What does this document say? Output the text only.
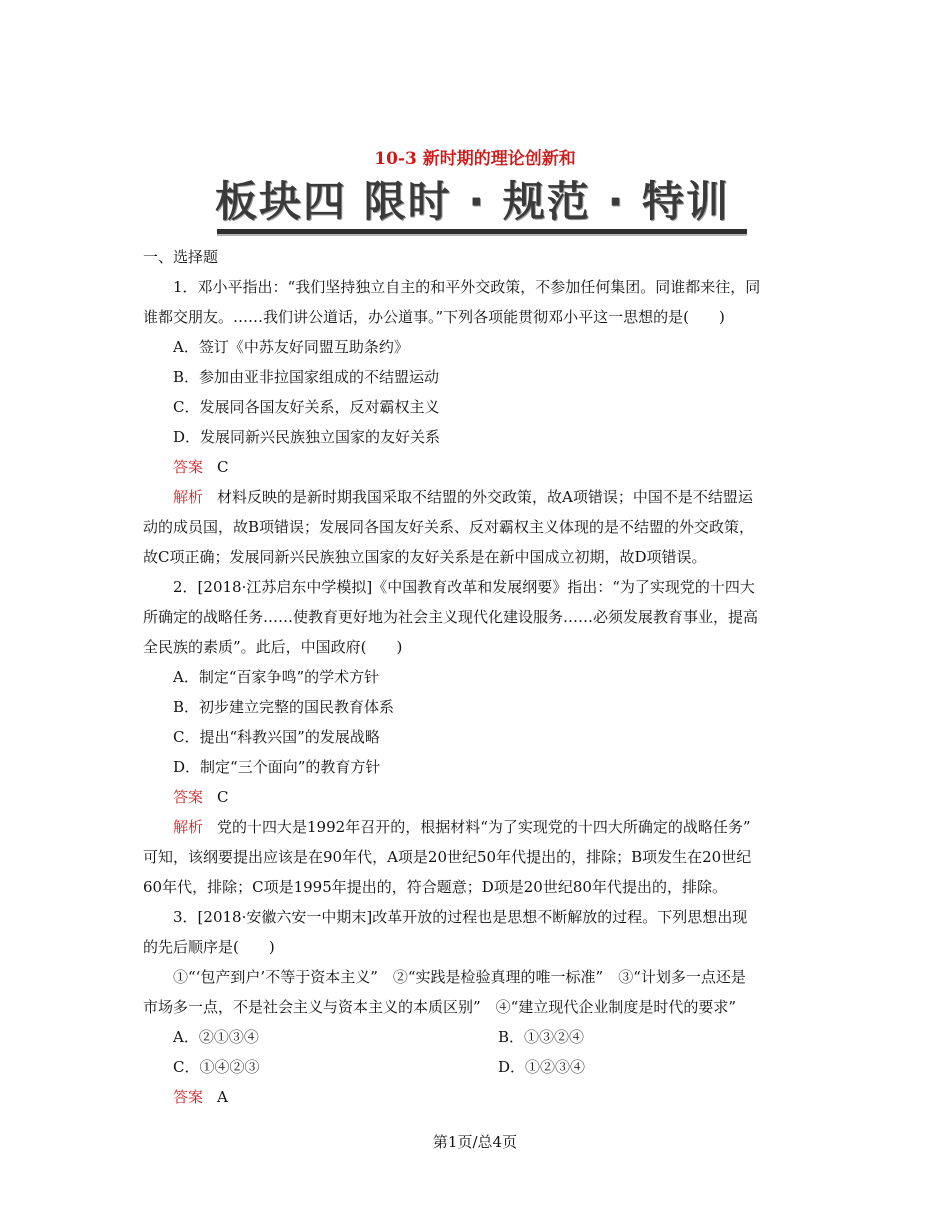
10-3 新时期的理论创新和
板块四 限时 · 规范 · 特训
一、选择题
1．邓小平指出：“我们坚持独立自主的和平外交政策，不参加任何集团。同谁都来往，同
谁都交朋友。……我们讲公道话，办公道事。”下列各项能贯彻邓小平这一思想的是(　　)
A．签订《中苏友好同盟互助条约》
B．参加由亚非拉国家组成的不结盟运动
C．发展同各国友好关系，反对霸权主义
D．发展同新兴民族独立国家的友好关系
答案 C
解析 材料反映的是新时期我国采取不结盟的外交政策，故A项错误；中国不是不结盟运
动的成员国，故B项错误；发展同各国友好关系、反对霸权主义体现的是不结盟的外交政策，
故C项正确；发展同新兴民族独立国家的友好关系是在新中国成立初期，故D项错误。
2．[2018·江苏启东中学模拟]《中国教育改革和发展纲要》指出：“为了实现党的十四大
所确定的战略任务……使教育更好地为社会主义现代化建设服务……必须发展教育事业，提高
全民族的素质”。此后，中国政府(　　)
A．制定“百家争鸣”的学术方针
B．初步建立完整的国民教育体系
C．提出“科教兴国”的发展战略
D．制定“三个面向”的教育方针
答案 C
解析 党的十四大是1992年召开的，根据材料“为了实现党的十四大所确定的战略任务”
可知，该纲要提出应该是在90年代，A项是20世纪50年代提出的，排除；B项发生在20世纪
60年代，排除；C项是1995年提出的，符合题意；D项是20世纪80年代提出的，排除。
3．[2018·安徽六安一中期末]改革开放的过程也是思想不断解放的过程。下列思想出现
的先后顺序是(　　)
①“‘包产到户’不等于资本主义”　②“实践是检验真理的唯一标准”　③“计划多一点还是
市场多一点，不是社会主义与资本主义的本质区别”　④“建立现代企业制度是时代的要求”
A．②①③④	B．①③②④
C．①④②③	D．①②③④
答案 A
第1页/总4页
